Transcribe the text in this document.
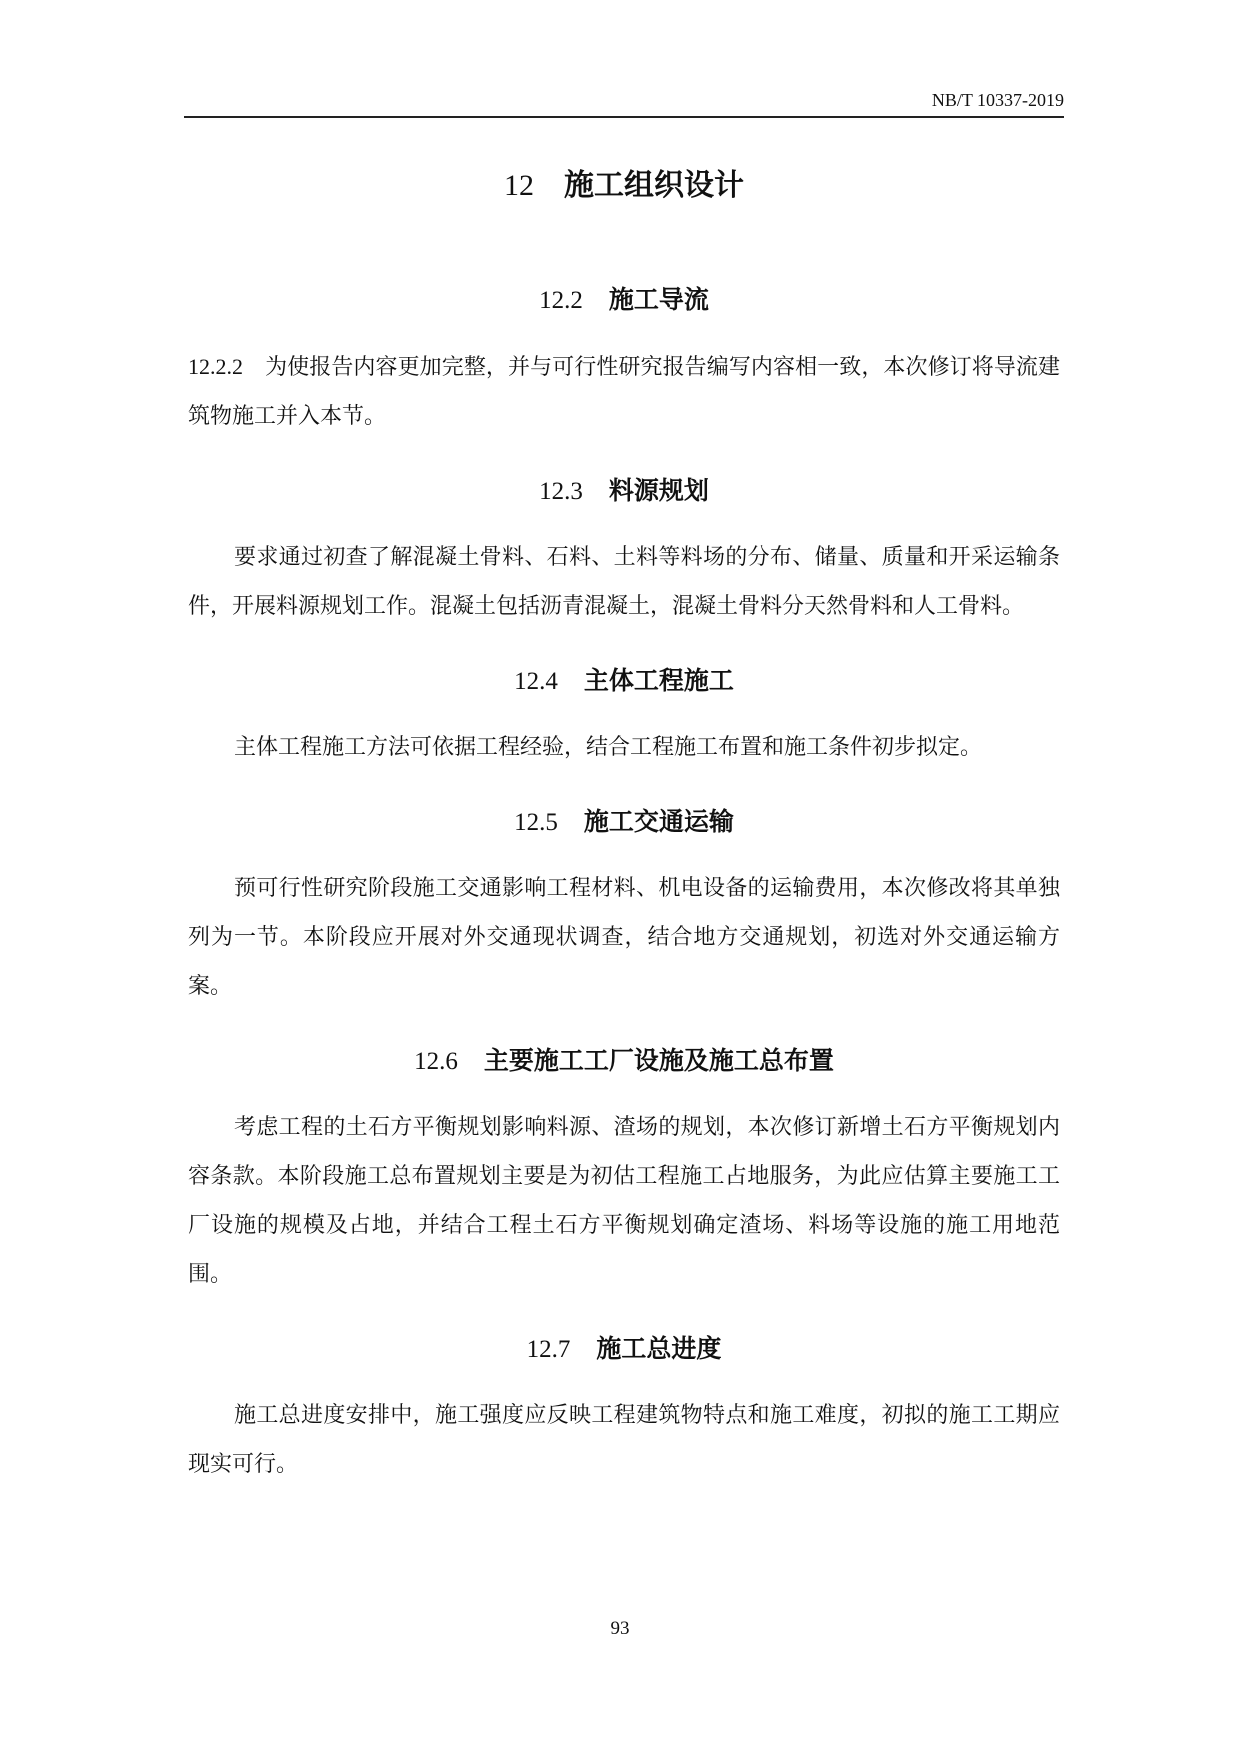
NB/T 10337-2019
12 施工组织设计
12.2 施工导流

12.2.2 为使报告内容更加完整，并与可行性研究报告编写内容相一致，本次修订将导流建筑物施工并入本节。

12.3 料源规划

要求通过初查了解混凝土骨料、石料、土料等料场的分布、储量、质量和开采运输条件，开展料源规划工作。混凝土包括沥青混凝土，混凝土骨料分天然骨料和人工骨料。

12.4 主体工程施工

主体工程施工方法可依据工程经验，结合工程施工布置和施工条件初步拟定。

12.5 施工交通运输

预可行性研究阶段施工交通影响工程材料、机电设备的运输费用，本次修改将其单独列为一节。本阶段应开展对外交通现状调查，结合地方交通规划，初选对外交通运输方案。

12.6 主要施工工厂设施及施工总布置

考虑工程的土石方平衡规划影响料源、渣场的规划，本次修订新增土石方平衡规划内容条款。本阶段施工总布置规划主要是为初估工程施工占地服务，为此应估算主要施工工厂设施的规模及占地，并结合工程土石方平衡规划确定渣场、料场等设施的施工用地范围。

12.7 施工总进度

施工总进度安排中，施工强度应反映工程建筑物特点和施工难度，初拟的施工工期应现实可行。

93
